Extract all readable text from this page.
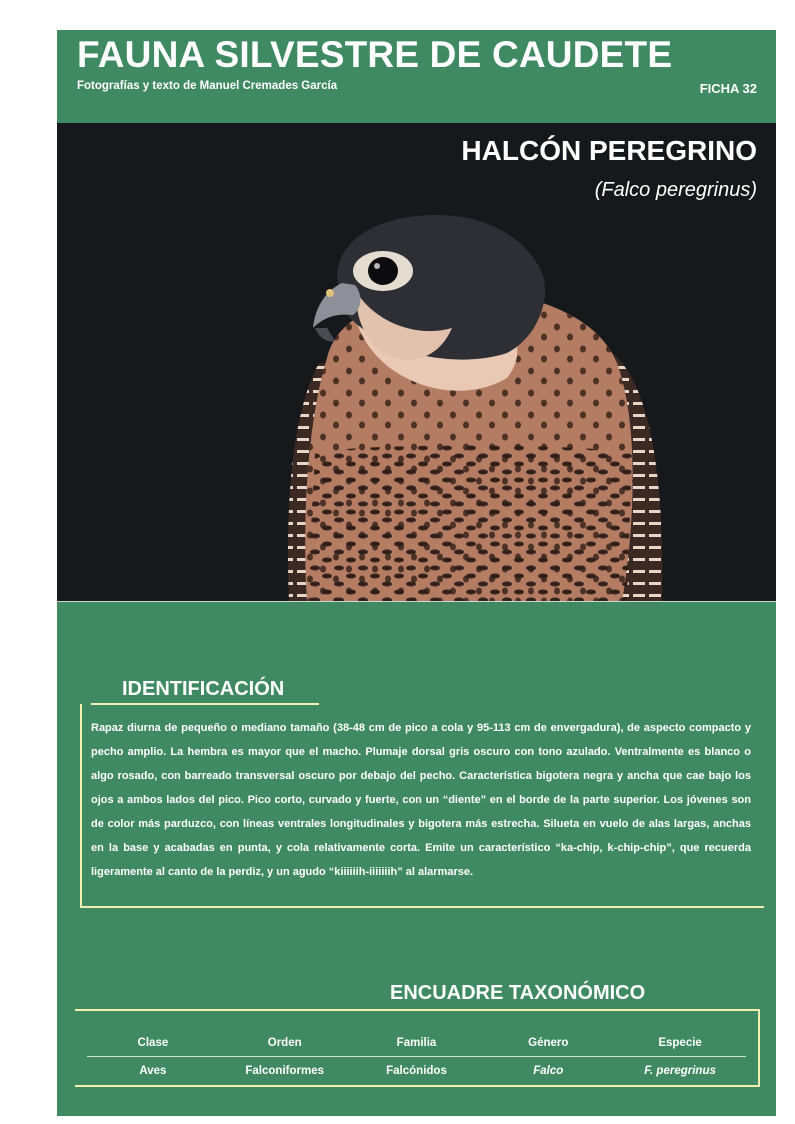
FAUNA SILVESTRE DE CAUDETE
Fotografías y texto de Manuel Cremades García	FICHA 32
HALCÓN PEREGRINO
(Falco peregrinus)
IDENTIFICACIÓN

Rapaz diurna de pequeño o mediano tamaño (38-48 cm de pico a cola y 95-113 cm de envergadura), de aspecto compacto y pecho amplio. La hembra es mayor que el macho. Plumaje dorsal gris oscuro con tono azulado. Ventralmente es blanco o algo rosado, con barreado transversal oscuro por debajo del pecho. Característica bigotera negra y ancha que cae bajo los ojos a ambos lados del pico. Pico corto, curvado y fuerte, con un “diente” en el borde de la parte superior. Los jóvenes son de color más parduzco, con líneas ventrales longitudinales y bigotera más estrecha. Silueta en vuelo de alas largas, anchas en la base y acabadas en punta, y cola relativamente corta. Emite un característico “ka-chip, k-chip-chip”, que recuerda ligeramente al canto de la perdiz, y un agudo “kiiiiiih-iiiiiiih” al alarmarse.

ENCUADRE TAXONÓMICO
Clase	Orden	Familia	Género	Especie
Aves	Falconiformes	Falcónidos	Falco	F. peregrinus
